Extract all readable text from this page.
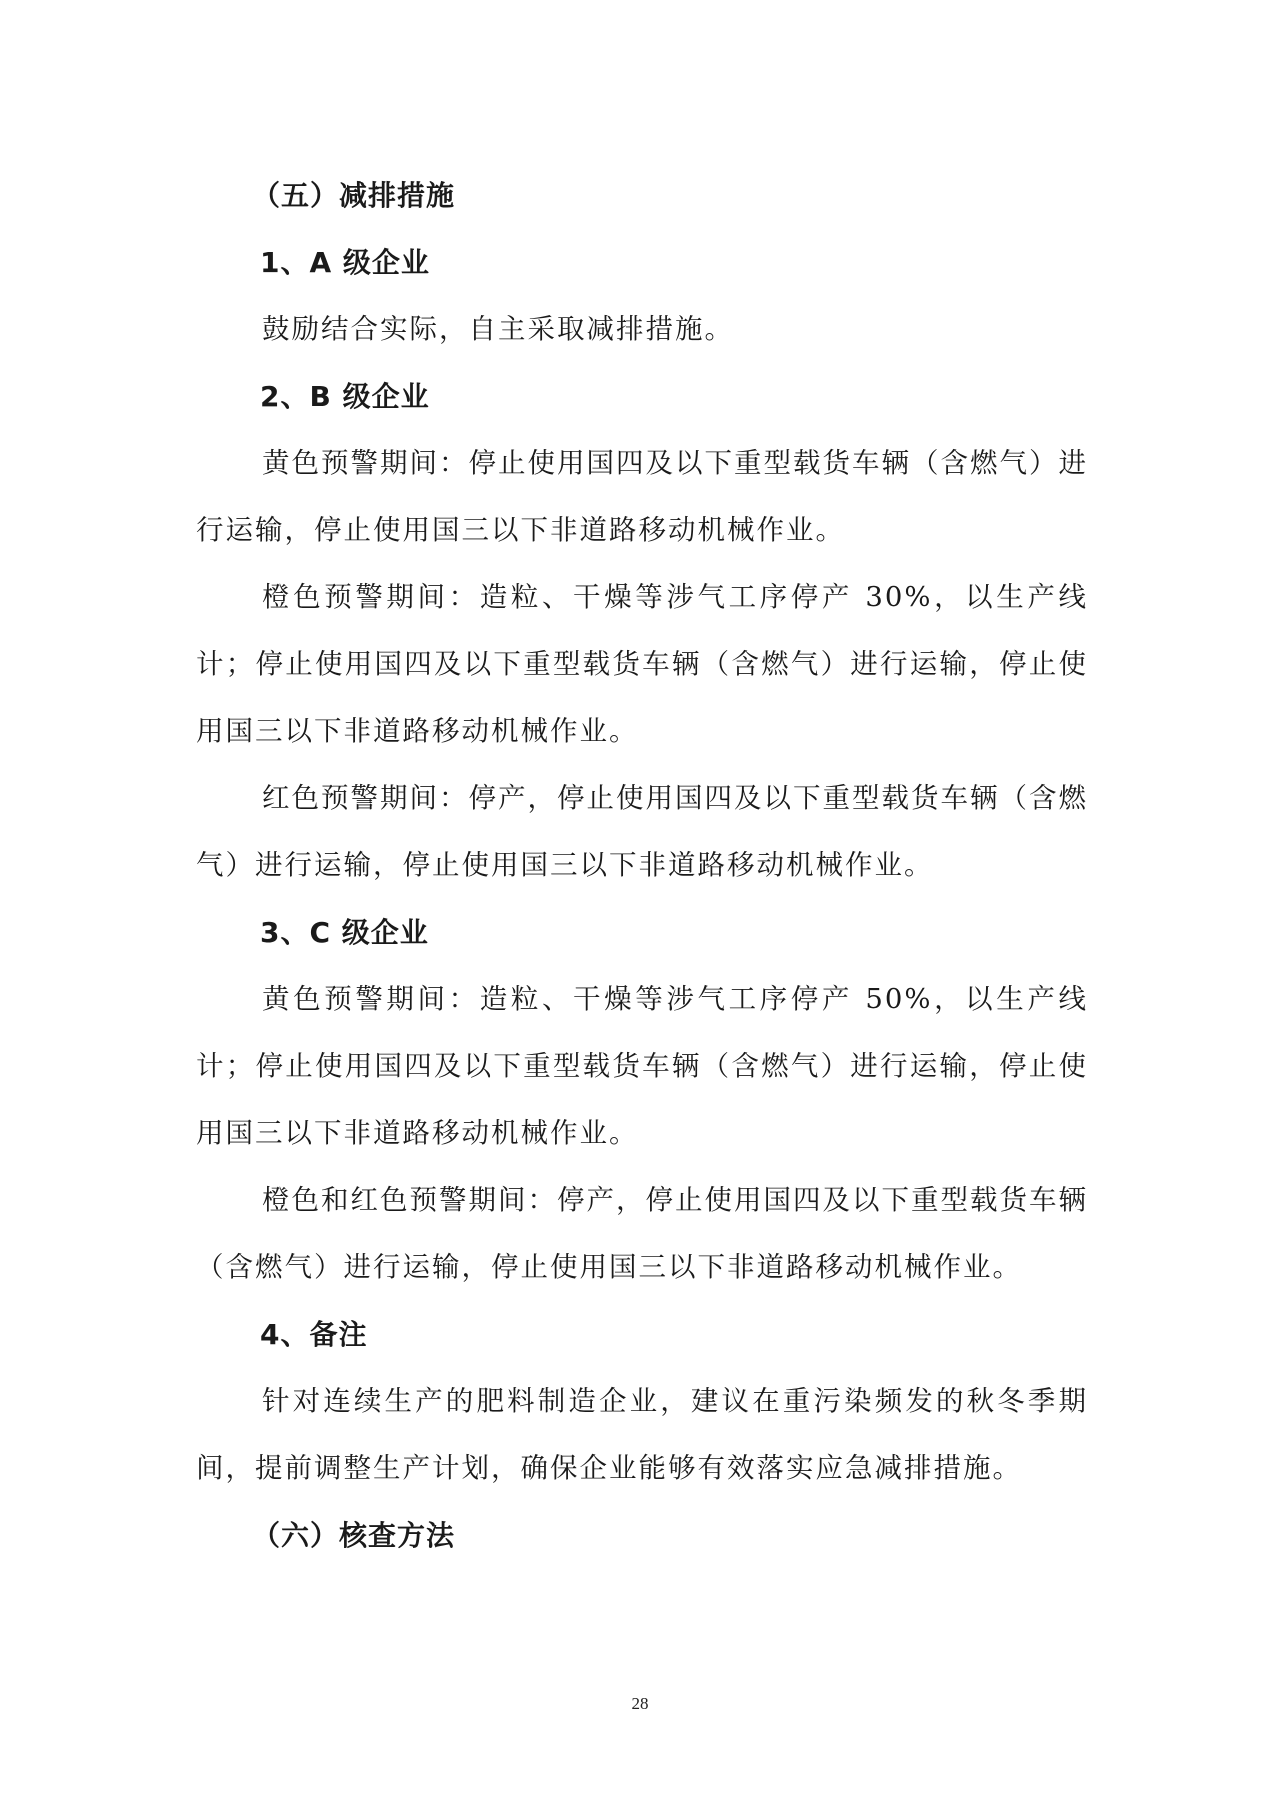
（五）减排措施

1、A 级企业

鼓励结合实际，自主采取减排措施。

2、B 级企业

黄色预警期间：停止使用国四及以下重型载货车辆（含燃气）进行运输，停止使用国三以下非道路移动机械作业。

橙色预警期间：造粒、干燥等涉气工序停产 30%，以生产线计；停止使用国四及以下重型载货车辆（含燃气）进行运输，停止使用国三以下非道路移动机械作业。

红色预警期间：停产，停止使用国四及以下重型载货车辆（含燃气）进行运输，停止使用国三以下非道路移动机械作业。

3、C 级企业

黄色预警期间：造粒、干燥等涉气工序停产 50%，以生产线计；停止使用国四及以下重型载货车辆（含燃气）进行运输，停止使用国三以下非道路移动机械作业。

橙色和红色预警期间：停产，停止使用国四及以下重型载货车辆（含燃气）进行运输，停止使用国三以下非道路移动机械作业。

4、备注

针对连续生产的肥料制造企业，建议在重污染频发的秋冬季期间，提前调整生产计划，确保企业能够有效落实应急减排措施。

（六）核查方法

28
